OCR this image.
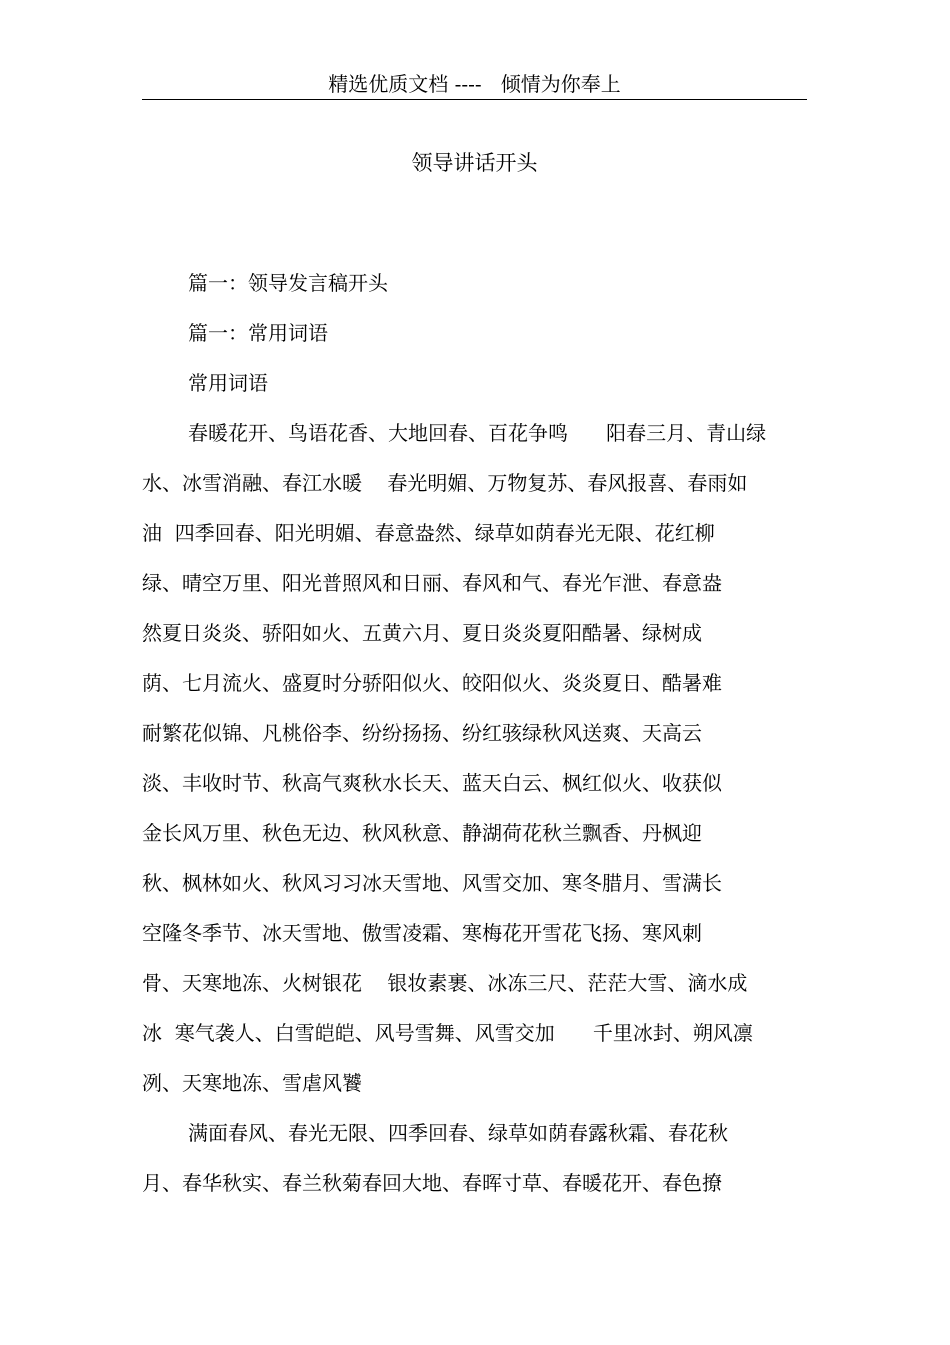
精选优质文档 ----   倾情为你奉上
领导讲话开头
篇一：领导发言稿开头
篇一：常用词语
常用词语
春暖花开、鸟语花香、大地回春、百花争鸣      阳春三月、青山绿
水、冰雪消融、春江水暖    春光明媚、万物复苏、春风报喜、春雨如
油  四季回春、阳光明媚、春意盎然、绿草如荫春光无限、花红柳
绿、晴空万里、阳光普照风和日丽、春风和气、春光乍泄、春意盎
然夏日炎炎、骄阳如火、五黄六月、夏日炎炎夏阳酷暑、绿树成
荫、七月流火、盛夏时分骄阳似火、皎阳似火、炎炎夏日、酷暑难
耐繁花似锦、凡桃俗李、纷纷扬扬、纷红骇绿秋风送爽、天高云
淡、丰收时节、秋高气爽秋水长天、蓝天白云、枫红似火、收获似
金长风万里、秋色无边、秋风秋意、静湖荷花秋兰飘香、丹枫迎
秋、枫林如火、秋风习习冰天雪地、风雪交加、寒冬腊月、雪满长
空隆冬季节、冰天雪地、傲雪凌霜、寒梅花开雪花飞扬、寒风刺
骨、天寒地冻、火树银花    银妆素裹、冰冻三尺、茫茫大雪、滴水成
冰  寒气袭人、白雪皑皑、风号雪舞、风雪交加      千里冰封、朔风凛
冽、天寒地冻、雪虐风饕
满面春风、春光无限、四季回春、绿草如荫春露秋霜、春花秋
月、春华秋实、春兰秋菊春回大地、春晖寸草、春暖花开、春色撩
